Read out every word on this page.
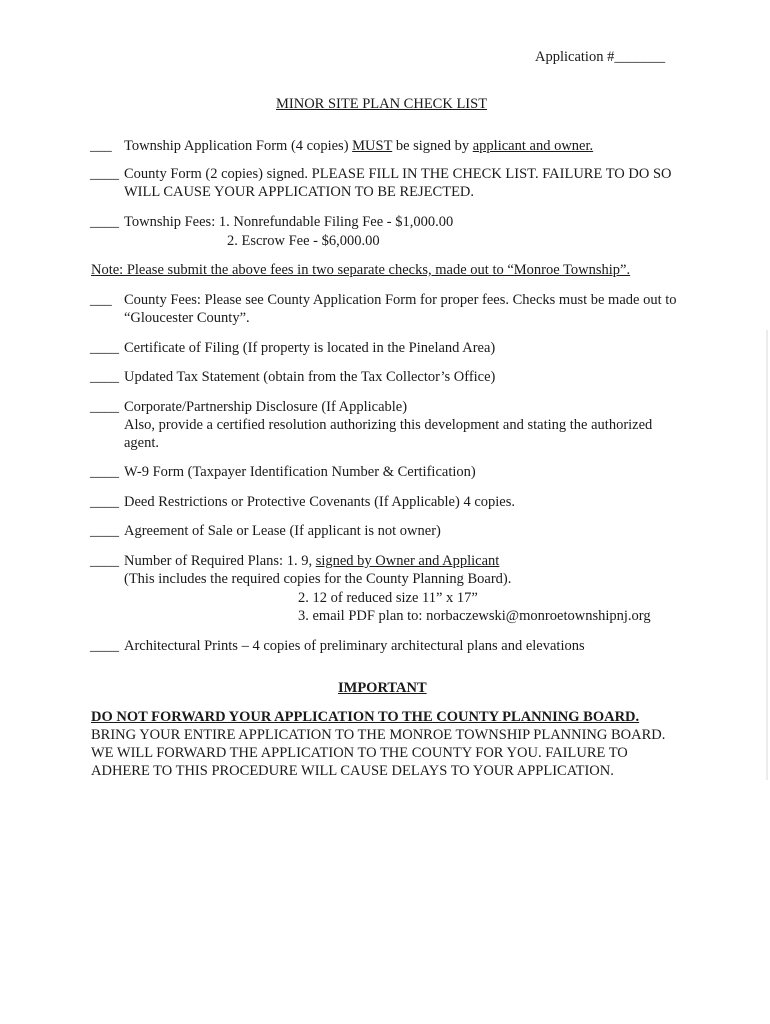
Application #_______
MINOR SITE PLAN CHECK LIST
___ Township Application Form (4 copies) MUST be signed by applicant and owner.
____ County Form (2 copies) signed. PLEASE FILL IN THE CHECK LIST. FAILURE TO DO SO WILL CAUSE YOUR APPLICATION TO BE REJECTED.
____ Township Fees: 1. Nonrefundable Filing Fee - $1,000.00
2. Escrow Fee - $6,000.00
Note: Please submit the above fees in two separate checks, made out to “Monroe Township”.
___ County Fees: Please see County Application Form for proper fees. Checks must be made out to “Gloucester County”.
____ Certificate of Filing (If property is located in the Pineland Area)
____ Updated Tax Statement (obtain from the Tax Collector’s Office)
____ Corporate/Partnership Disclosure (If Applicable)
Also, provide a certified resolution authorizing this development and stating the authorized agent.
____ W-9 Form (Taxpayer Identification Number & Certification)
____ Deed Restrictions or Protective Covenants (If Applicable) 4 copies.
____ Agreement of Sale or Lease (If applicant is not owner)
____ Number of Required Plans: 1. 9, signed by Owner and Applicant
(This includes the required copies for the County Planning Board).
2. 12 of reduced size 11” x 17”
3. email PDF plan to: norbaczewski@monroetownshipnj.org
____ Architectural Prints – 4 copies of preliminary architectural plans and elevations
IMPORTANT
DO NOT FORWARD YOUR APPLICATION TO THE COUNTY PLANNING BOARD.
BRING YOUR ENTIRE APPLICATION TO THE MONROE TOWNSHIP PLANNING BOARD. WE WILL FORWARD THE APPLICATION TO THE COUNTY FOR YOU. FAILURE TO ADHERE TO THIS PROCEDURE WILL CAUSE DELAYS TO YOUR APPLICATION.
